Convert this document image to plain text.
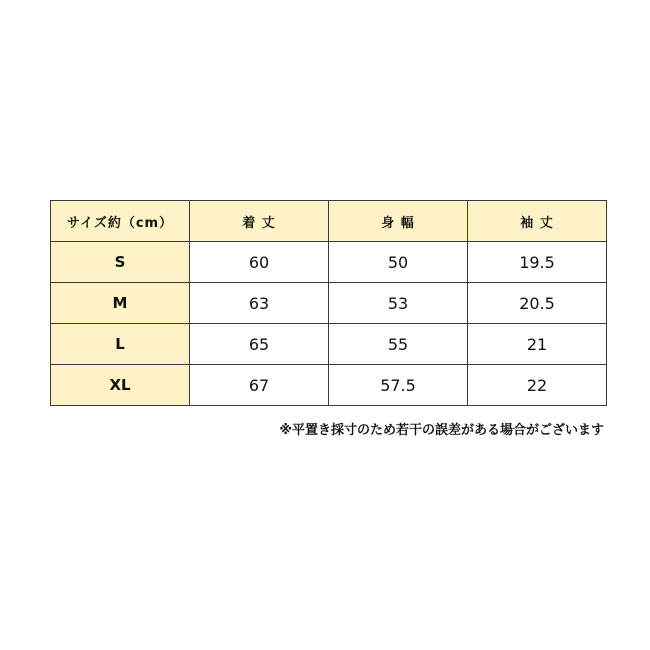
サイズ約（cm）	着 丈	身 幅	袖 丈
S	60	50	19.5
M	63	53	20.5
L	65	55	21
XL	67	57.5	22
※平置き採寸のため若干の誤差がある場合がございます
